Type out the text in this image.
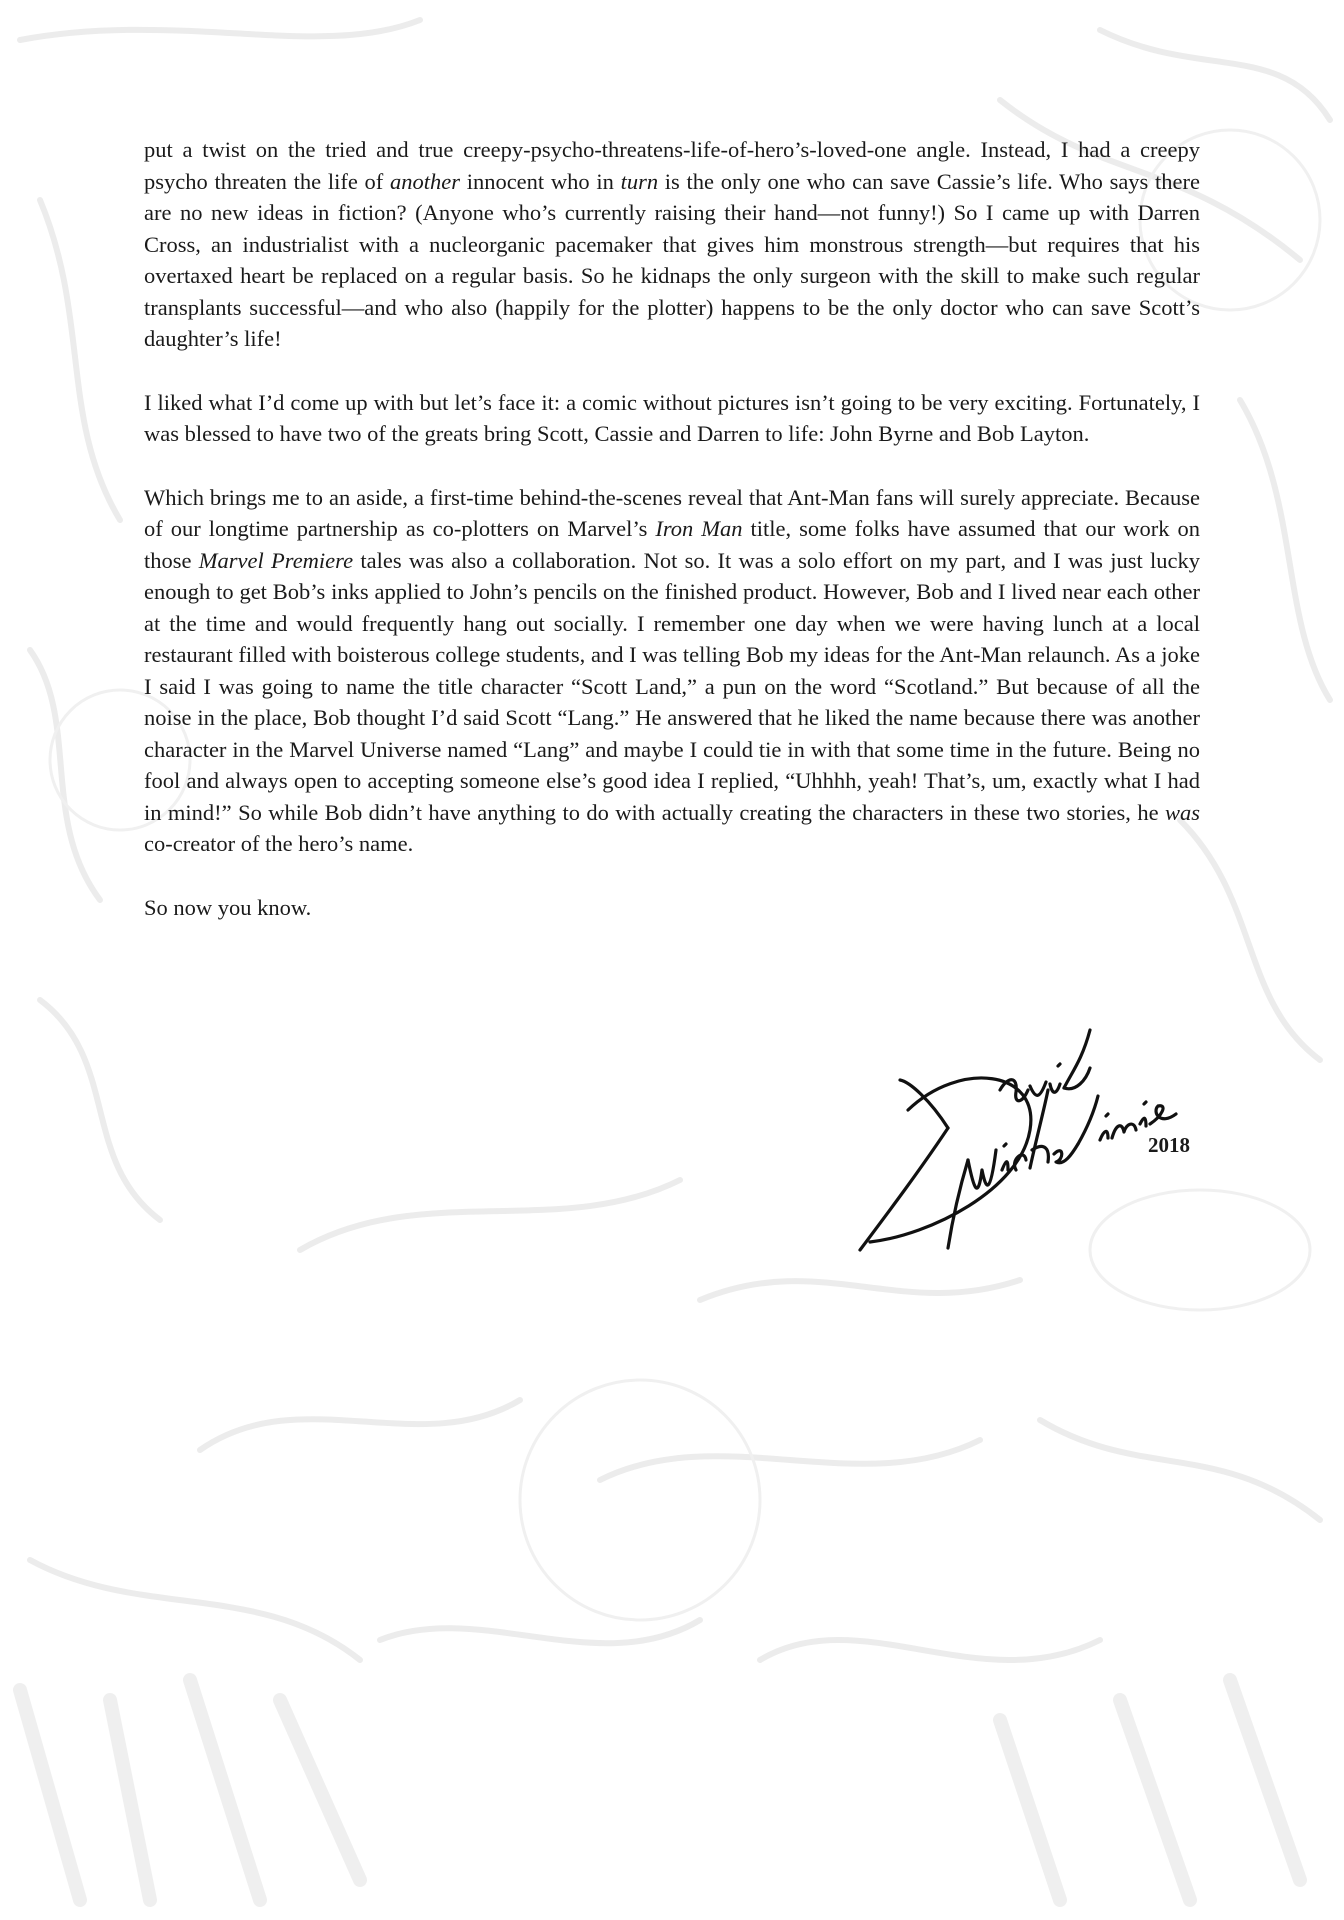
put a twist on the tried and true creepy-psycho-threatens-life-of-hero’s-loved-one angle. Instead, I had a creepy psycho threaten the life of another innocent who in turn is the only one who can save Cassie’s life. Who says there are no new ideas in fiction? (Anyone who’s currently raising their hand—not funny!) So I came up with Darren Cross, an industrialist with a nucleorganic pacemaker that gives him monstrous strength—but requires that his overtaxed heart be replaced on a regular basis. So he kidnaps the only surgeon with the skill to make such regular transplants successful—and who also (happily for the plotter) happens to be the only doctor who can save Scott’s daughter’s life!

I liked what I’d come up with but let’s face it: a comic without pictures isn’t going to be very exciting. Fortunately, I was blessed to have two of the greats bring Scott, Cassie and Darren to life: John Byrne and Bob Layton.

Which brings me to an aside, a first-time behind-the-scenes reveal that Ant-Man fans will surely appreciate. Because of our longtime partnership as co-plotters on Marvel’s Iron Man title, some folks have assumed that our work on those Marvel Premiere tales was also a collaboration. Not so. It was a solo effort on my part, and I was just lucky enough to get Bob’s inks applied to John’s pencils on the finished product. However, Bob and I lived near each other at the time and would frequently hang out socially. I remember one day when we were having lunch at a local restaurant filled with boisterous college students, and I was telling Bob my ideas for the Ant-Man relaunch. As a joke I said I was going to name the title character “Scott Land,” a pun on the word “Scotland.” But because of all the noise in the place, Bob thought I’d said Scott “Lang.” He answered that he liked the name because there was another character in the Marvel Universe named “Lang” and maybe I could tie in with that some time in the future. Being no fool and always open to accepting someone else’s good idea I replied, “Uhhhh, yeah! That’s, um, exactly what I had in mind!” So while Bob didn’t have anything to do with actually creating the characters in these two stories, he was co-creator of the hero’s name.

So now you know.

2018
